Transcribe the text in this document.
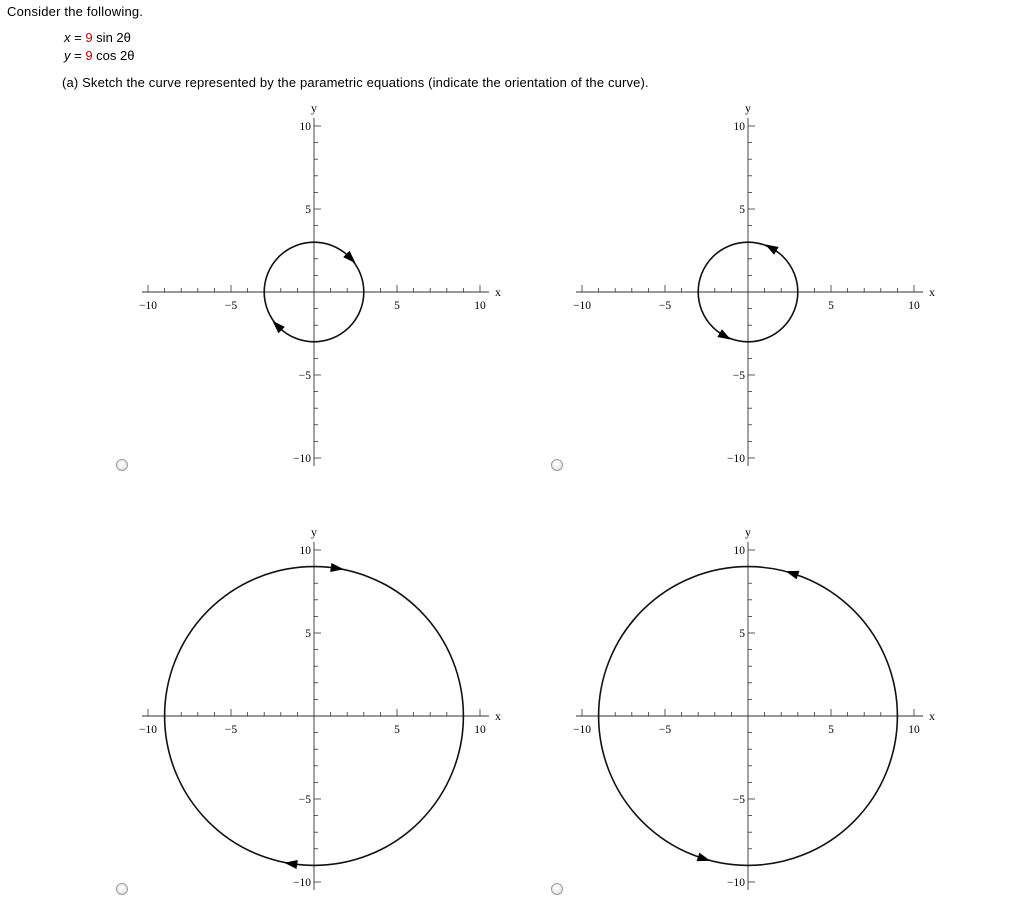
Consider the following.
x = 9 sin 2θ
y = 9 cos 2θ
(a) Sketch the curve represented by the parametric equations (indicate the orientation of the curve).
−10	−5	5	10
10
5
−5
−10
x
y
−10	−5	5	10
10
5
−5
−10
x
y
−10	−5	5	10
10
5
−5
−10
x
y
−10	−5	5	10
10
5
−5
−10
x
y
